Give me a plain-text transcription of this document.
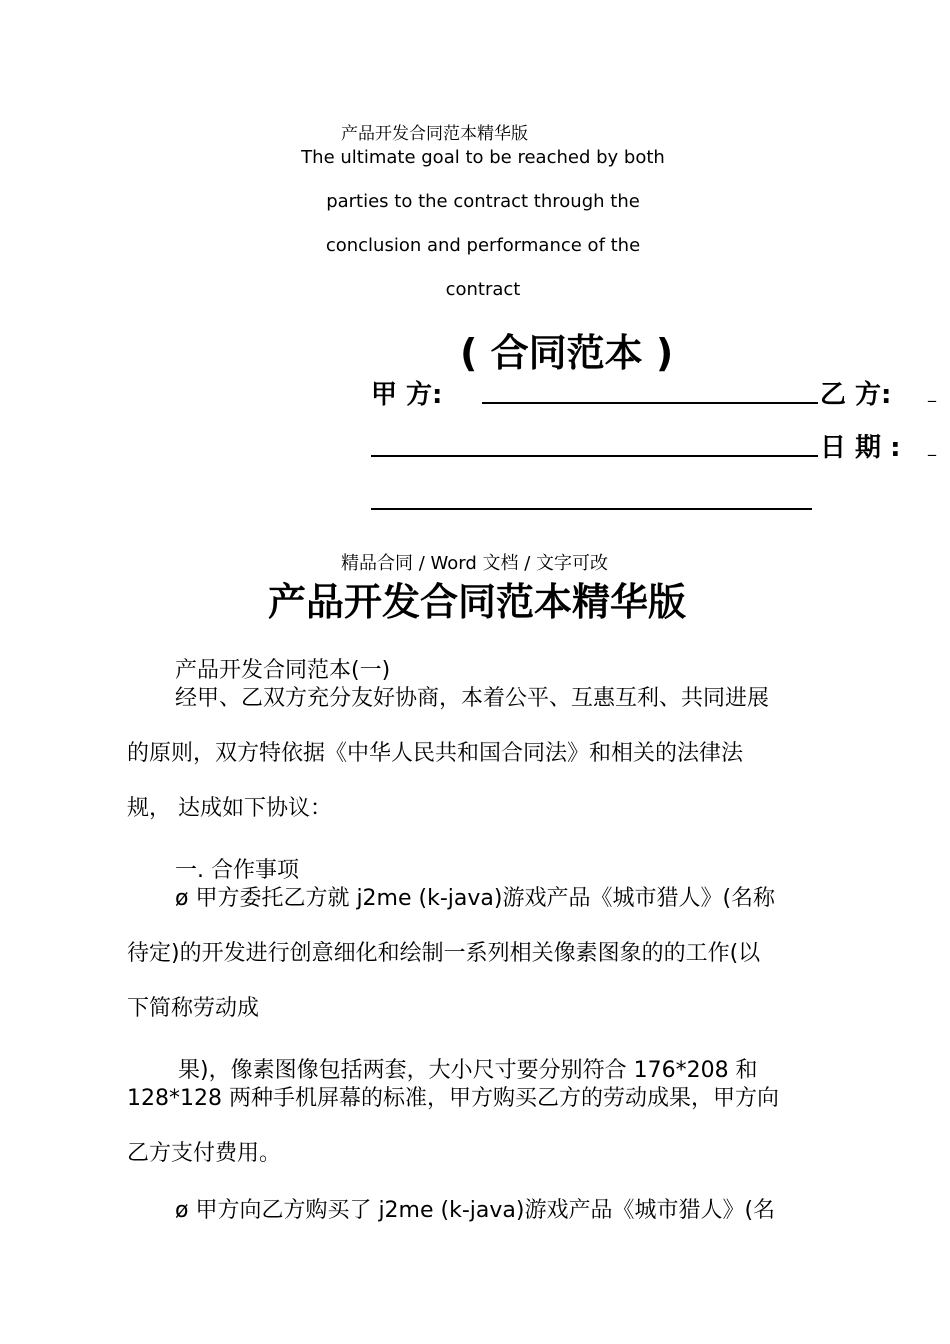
产品开发合同范本精华版
The ultimate goal to be reached by both
parties to the contract through the
conclusion and performance of the
contract
( 合同范本 )
甲 方:	乙 方: _
日 期 : _
精品合同 / Word 文档 / 文字可改
产品开发合同范本精华版
产品开发合同范本(一)
经甲、乙双方充分友好协商，本着公平、互惠互利、共同进展
的原则，双方特依据《中华人民共和国合同法》和相关的法律法
规， 达成如下协议：
一. 合作事项
ø 甲方委托乙方就 j2me (k-java)游戏产品《城市猎人》(名称
待定)的开发进行创意细化和绘制一系列相关像素图象的的工作(以
下简称劳动成
果)，像素图像包括两套，大小尺寸要分别符合 176*208 和
128*128 两种手机屏幕的标准，甲方购买乙方的劳动成果，甲方向
乙方支付费用。
ø 甲方向乙方购买了 j2me (k-java)游戏产品《城市猎人》(名
